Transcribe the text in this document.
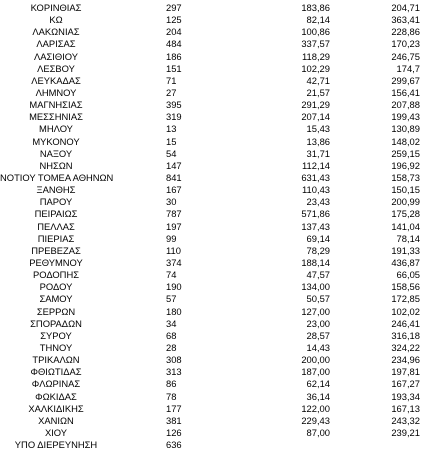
ΚΟΡΙΝΘΙΑΣ	297	183,86	204,71
ΚΩ	125	82,14	363,41
ΛΑΚΩΝΙΑΣ	204	100,86	228,86
ΛΑΡΙΣΑΣ	484	337,57	170,23
ΛΑΣΙΘΙΟΥ	186	118,29	246,75
ΛΕΣΒΟΥ	151	102,29	174,7
ΛΕΥΚΑΔΑΣ	71	42,71	299,67
ΛΗΜΝΟΥ	27	21,57	156,41
ΜΑΓΝΗΣΙΑΣ	395	291,29	207,88
ΜΕΣΣΗΝΙΑΣ	319	207,14	199,43
ΜΗΛΟΥ	13	15,43	130,89
ΜΥΚΟΝΟΥ	15	13,86	148,02
ΝΑΞΟΥ	54	31,71	259,15
ΝΗΣΩΝ	147	112,14	196,92
ΝΟΤΙΟΥ ΤΟΜΕΑ ΑΘΗΝΩΝ	841	631,43	158,73
ΞΑΝΘΗΣ	167	110,43	150,15
ΠΑΡΟΥ	30	23,43	200,99
ΠΕΙΡΑΙΩΣ	787	571,86	175,28
ΠΕΛΛΑΣ	197	137,43	141,04
ΠΙΕΡΙΑΣ	99	69,14	78,14
ΠΡΕΒΕΖΑΣ	110	78,29	191,33
ΡΕΘΥΜΝΟΥ	374	188,14	436,87
ΡΟΔΟΠΗΣ	74	47,57	66,05
ΡΟΔΟΥ	190	134,00	158,56
ΣΑΜΟΥ	57	50,57	172,85
ΣΕΡΡΩΝ	180	127,00	102,02
ΣΠΟΡΑΔΩΝ	34	23,00	246,41
ΣΥΡΟΥ	68	28,57	316,18
ΤΗΝΟΥ	28	14,43	324,22
ΤΡΙΚΑΛΩΝ	308	200,00	234,96
ΦΘΙΩΤΙΔΑΣ	313	187,00	197,81
ΦΛΩΡΙΝΑΣ	86	62,14	167,27
ΦΩΚΙΔΑΣ	78	36,14	193,34
ΧΑΛΚΙΔΙΚΗΣ	177	122,00	167,13
ΧΑΝΙΩΝ	381	229,43	243,32
ΧΙΟΥ	126	87,00	239,21
ΥΠΟ ΔΙΕΡΕΥΝΗΣΗ	636
